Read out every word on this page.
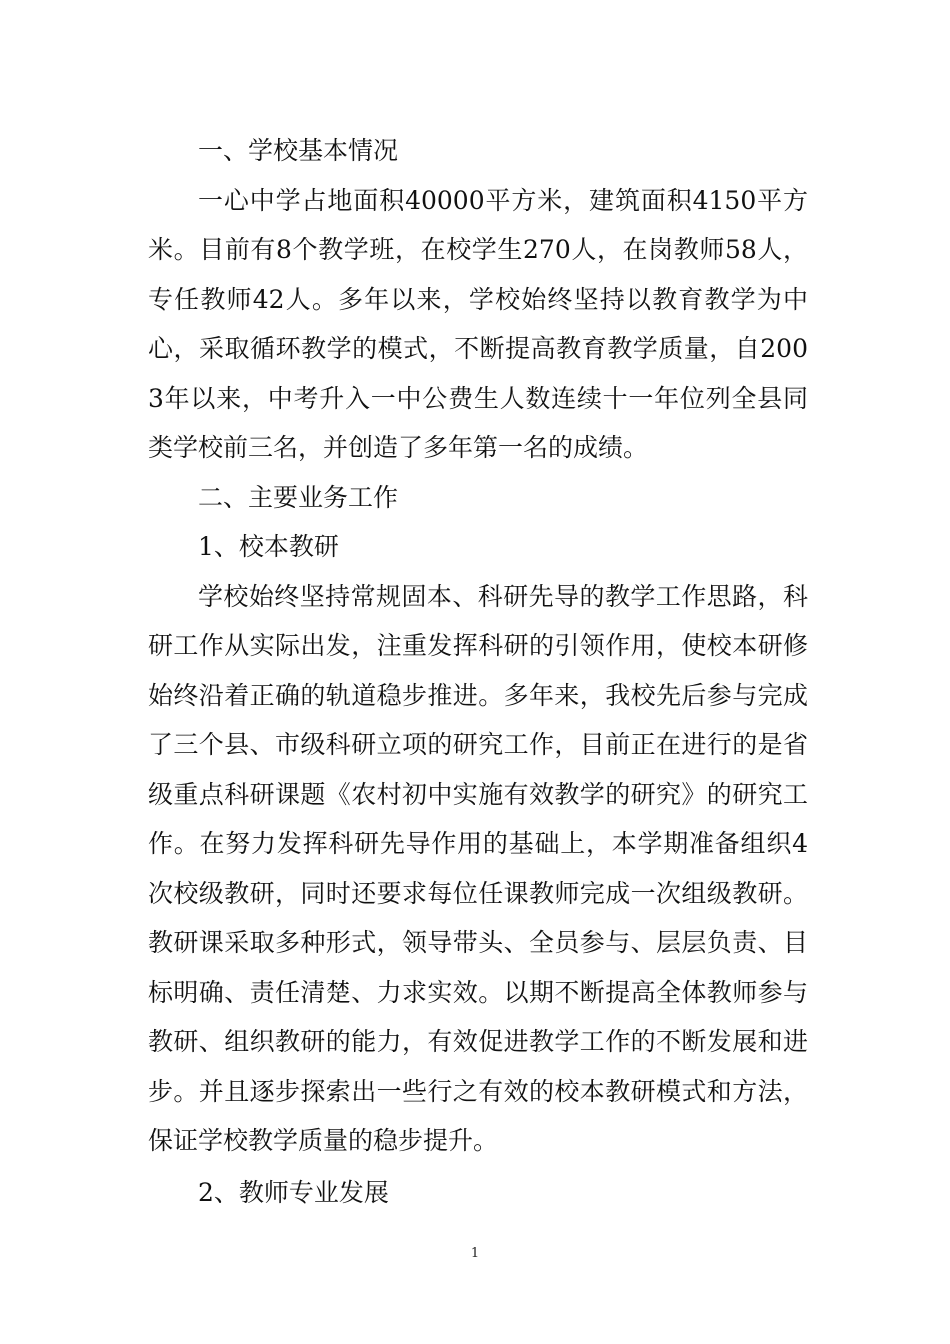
一、学校基本情况

一心中学占地面积40000平方米，建筑面积4150平方米。目前有8个教学班，在校学生270人，在岗教师58人，专任教师42人。多年以来，学校始终坚持以教育教学为中心，采取循环教学的模式，不断提高教育教学质量，自2003年以来，中考升入一中公费生人数连续十一年位列全县同类学校前三名，并创造了多年第一名的成绩。

二、主要业务工作

1、校本教研

学校始终坚持常规固本、科研先导的教学工作思路，科研工作从实际出发，注重发挥科研的引领作用，使校本研修始终沿着正确的轨道稳步推进。多年来，我校先后参与完成了三个县、市级科研立项的研究工作，目前正在进行的是省级重点科研课题《农村初中实施有效教学的研究》的研究工作。在努力发挥科研先导作用的基础上，本学期准备组织4次校级教研，同时还要求每位任课教师完成一次组级教研。教研课采取多种形式，领导带头、全员参与、层层负责、目标明确、责任清楚、力求实效。以期不断提高全体教师参与教研、组织教研的能力，有效促进教学工作的不断发展和进步。并且逐步探索出一些行之有效的校本教研模式和方法，保证学校教学质量的稳步提升。

2、教师专业发展

1
